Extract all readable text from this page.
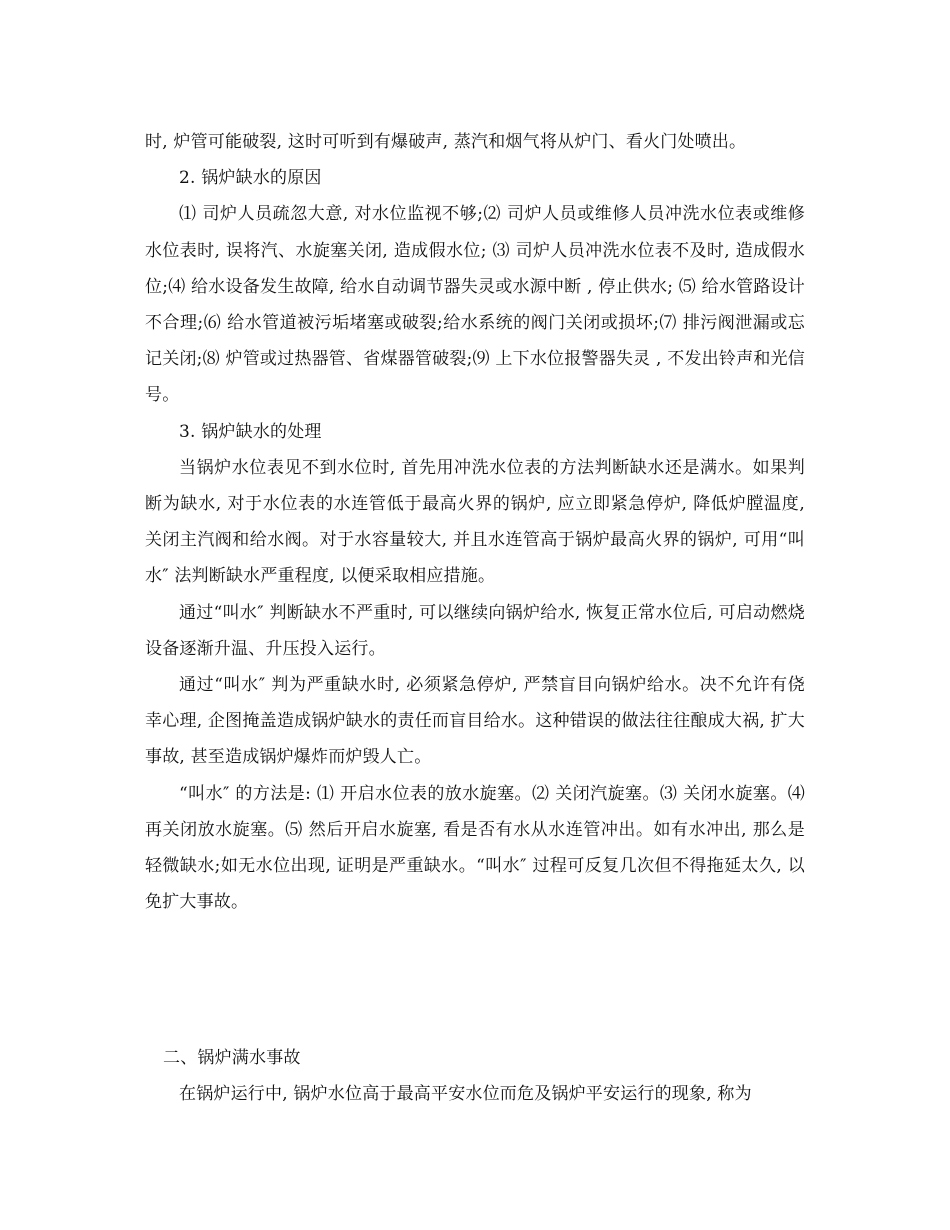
时, 炉管可能破裂, 这时可听到有爆破声, 蒸汽和烟气将从炉门、看火门处喷出。

2. 锅炉缺水的原因

⑴ 司炉人员疏忽大意, 对水位监视不够;⑵ 司炉人员或维修人员冲洗水位表或维修水位表时, 误将汽、水旋塞关闭, 造成假水位; ⑶ 司炉人员冲洗水位表不及时, 造成假水位;⑷ 给水设备发生故障, 给水自动调节器失灵或水源中断 , 停止供水; ⑸ 给水管路设计不合理;⑹ 给水管道被污垢堵塞或破裂;给水系统的阀门关闭或损坏;⑺ 排污阀泄漏或忘记关闭;⑻ 炉管或过热器管、省煤器管破裂;⑼ 上下水位报警器失灵 , 不发出铃声和光信号。

3. 锅炉缺水的处理

当锅炉水位表见不到水位时, 首先用冲洗水位表的方法判断缺水还是满水。如果判断为缺水, 对于水位表的水连管低于最高火界的锅炉, 应立即紧急停炉, 降低炉膛温度, 关闭主汽阀和给水阀。对于水容量较大, 并且水连管高于锅炉最高火界的锅炉, 可用“叫水″ 法判断缺水严重程度, 以便采取相应措施。

通过“叫水″ 判断缺水不严重时, 可以继续向锅炉给水, 恢复正常水位后, 可启动燃烧设备逐渐升温、升压投入运行。

通过“叫水″ 判为严重缺水时, 必须紧急停炉, 严禁盲目向锅炉给水。决不允许有侥幸心理, 企图掩盖造成锅炉缺水的责任而盲目给水。这种错误的做法往往酿成大祸, 扩大事故, 甚至造成锅炉爆炸而炉毁人亡。

“叫水″ 的方法是: ⑴ 开启水位表的放水旋塞。⑵ 关闭汽旋塞。⑶ 关闭水旋塞。⑷ 再关闭放水旋塞。⑸ 然后开启水旋塞, 看是否有水从水连管冲出。如有水冲出, 那么是轻微缺水;如无水位出现, 证明是严重缺水。“叫水″ 过程可反复几次但不得拖延太久, 以免扩大事故。

二、锅炉满水事故

在锅炉运行中, 锅炉水位高于最高平安水位而危及锅炉平安运行的现象, 称为
